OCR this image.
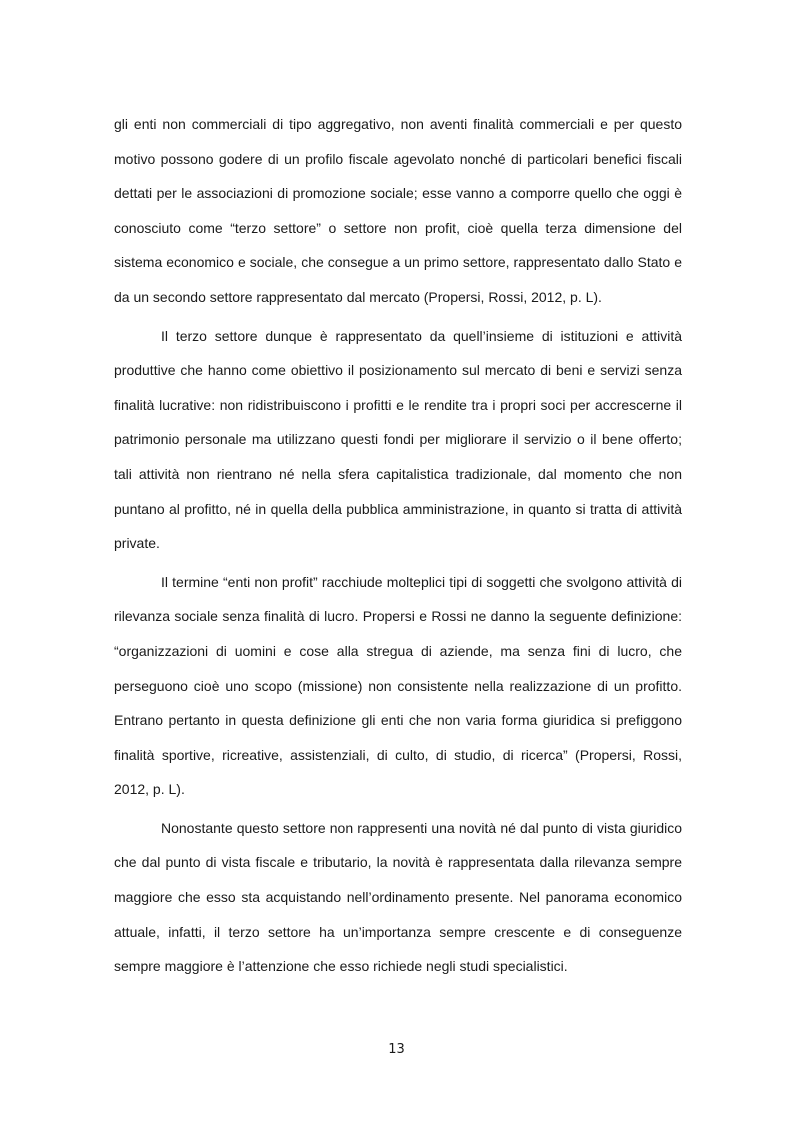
gli enti non commerciali di tipo aggregativo, non aventi finalità commerciali e per questo motivo possono godere di un profilo fiscale agevolato nonché di particolari benefici fiscali dettati per le associazioni di promozione sociale; esse vanno a comporre quello che oggi è conosciuto come “terzo settore” o settore non profit, cioè quella terza dimensione del sistema economico e sociale, che consegue a un primo settore, rappresentato dallo Stato e da un secondo settore rappresentato dal mercato (Propersi, Rossi, 2012, p. L).

Il terzo settore dunque è rappresentato da quell’insieme di istituzioni e attività produttive che hanno come obiettivo il posizionamento sul mercato di beni e servizi senza finalità lucrative: non ridistribuiscono i profitti e le rendite tra i propri soci per accrescerne il patrimonio personale ma utilizzano questi fondi per migliorare il servizio o il bene offerto; tali attività non rientrano né nella sfera capitalistica tradizionale, dal momento che non puntano al profitto, né in quella della pubblica amministrazione, in quanto si tratta di attività private.

Il termine “enti non profit” racchiude molteplici tipi di soggetti che svolgono attività di rilevanza sociale senza finalità di lucro. Propersi e Rossi ne danno la seguente definizione: “organizzazioni di uomini e cose alla stregua di aziende, ma senza fini di lucro, che perseguono cioè uno scopo (missione) non consistente nella realizzazione di un profitto. Entrano pertanto in questa definizione gli enti che non varia forma giuridica si prefiggono finalità sportive, ricreative, assistenziali, di culto, di studio, di ricerca” (Propersi, Rossi, 2012, p. L).

Nonostante questo settore non rappresenti una novità né dal punto di vista giuridico che dal punto di vista fiscale e tributario, la novità è rappresentata dalla rilevanza sempre maggiore che esso sta acquistando nell’ordinamento presente. Nel panorama economico attuale, infatti, il terzo settore ha un’importanza sempre crescente e di conseguenze sempre maggiore è l’attenzione che esso richiede negli studi specialistici.

13
